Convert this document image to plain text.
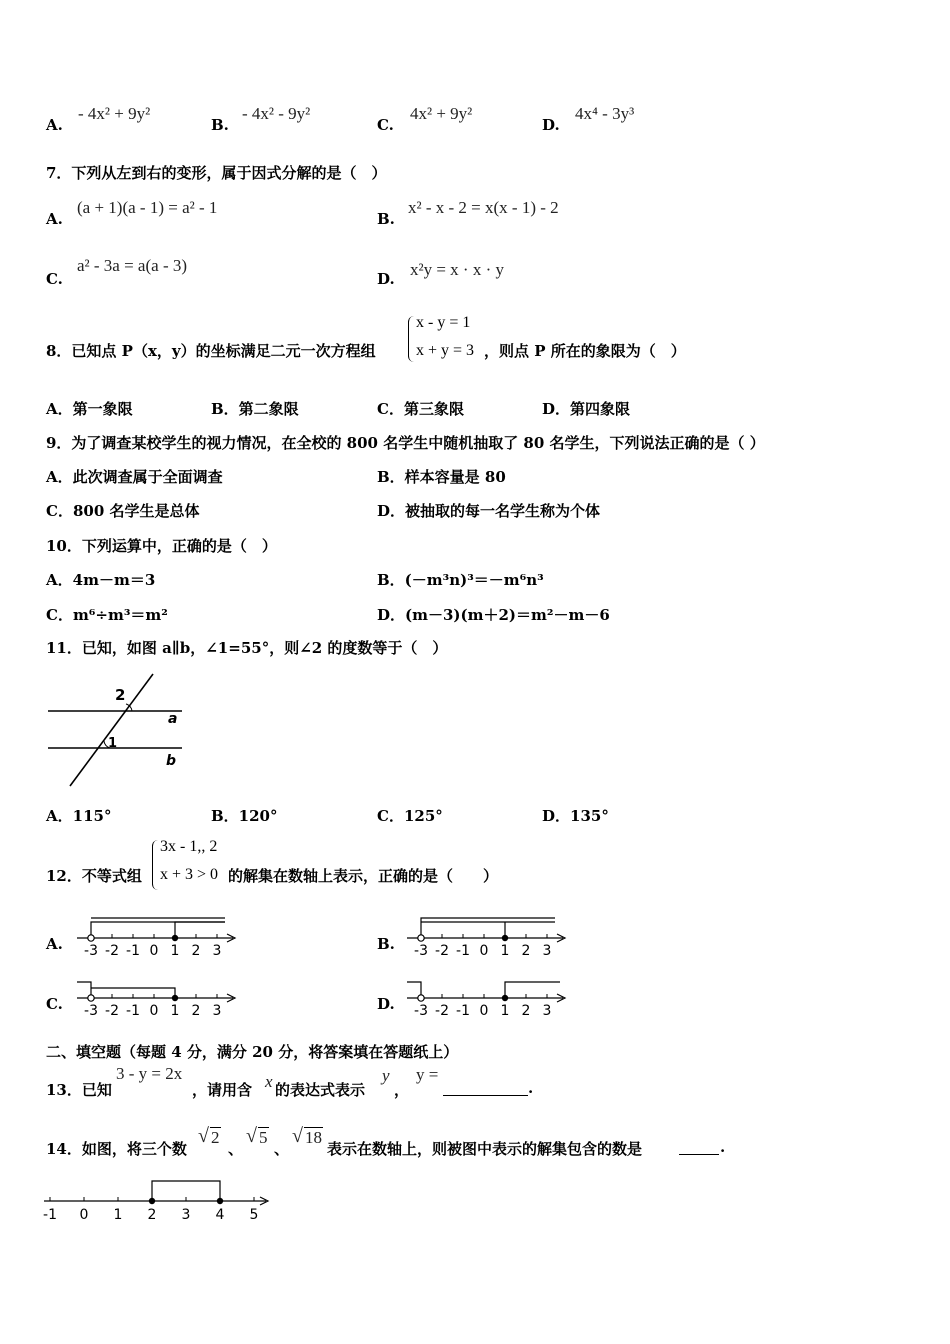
A.
- 4x² + 9y²
B.
- 4x² - 9y²
C.
4x² + 9y²
D.
4x⁴ - 3y³
7．下列从左到右的变形，属于因式分解的是（　）
A.
(a + 1)(a - 1) = a² - 1
B.
x² - x - 2 = x(x - 1) - 2
C.
a² - 3a = a(a - 3)
D. x²y = x · x · y
8．已知点 P（x，y）的坐标满足二元一次方程组
x - y = 1
x + y = 3 ，则点 P 所在的象限为（　）
A．第一象限	B．第二象限	C．第三象限	D．第四象限
9．为了调查某校学生的视力情况，在全校的 800 名学生中随机抽取了 80 名学生，下列说法正确的是（ ）
A．此次调查属于全面调查	B．样本容量是 80
C．800 名学生是总体	D．被抽取的每一名学生称为个体
10．下列运算中，正确的是（　）
A．4m－m＝3	B．(－m³n)³＝－m⁶n³
C．m⁶÷m³＝m²	D．(m－3)(m＋2)＝m²－m－6
11．已知，如图 a∥b，∠1=55°，则∠2 的度数等于（　）
2
1
a
b
A．115°	B．120°	C．125°	D．135°
12．不等式组
3x - 1,, 2
x + 3 > 0 的解集在数轴上表示，正确的是（　　）
A.	B.
C.	D.
-3 -2 -1 0 1 2 3	-3 -2 -1 0 1 2 3
-3 -2 -1 0 1 2 3	-3 -2 -1 0 1 2 3
二、填空题（每题 4 分，满分 20 分，将答案填在答题纸上）
13．已知
3 - y = 2x
，请用含 x 的表达式表示
y
，
y =
.
14．如图，将三个数
√ 2
、
√ 5
、
√ 18
表示在数轴上，则被图中表示的解集包含的数是	.
-1 0 1 2 3 4 5
